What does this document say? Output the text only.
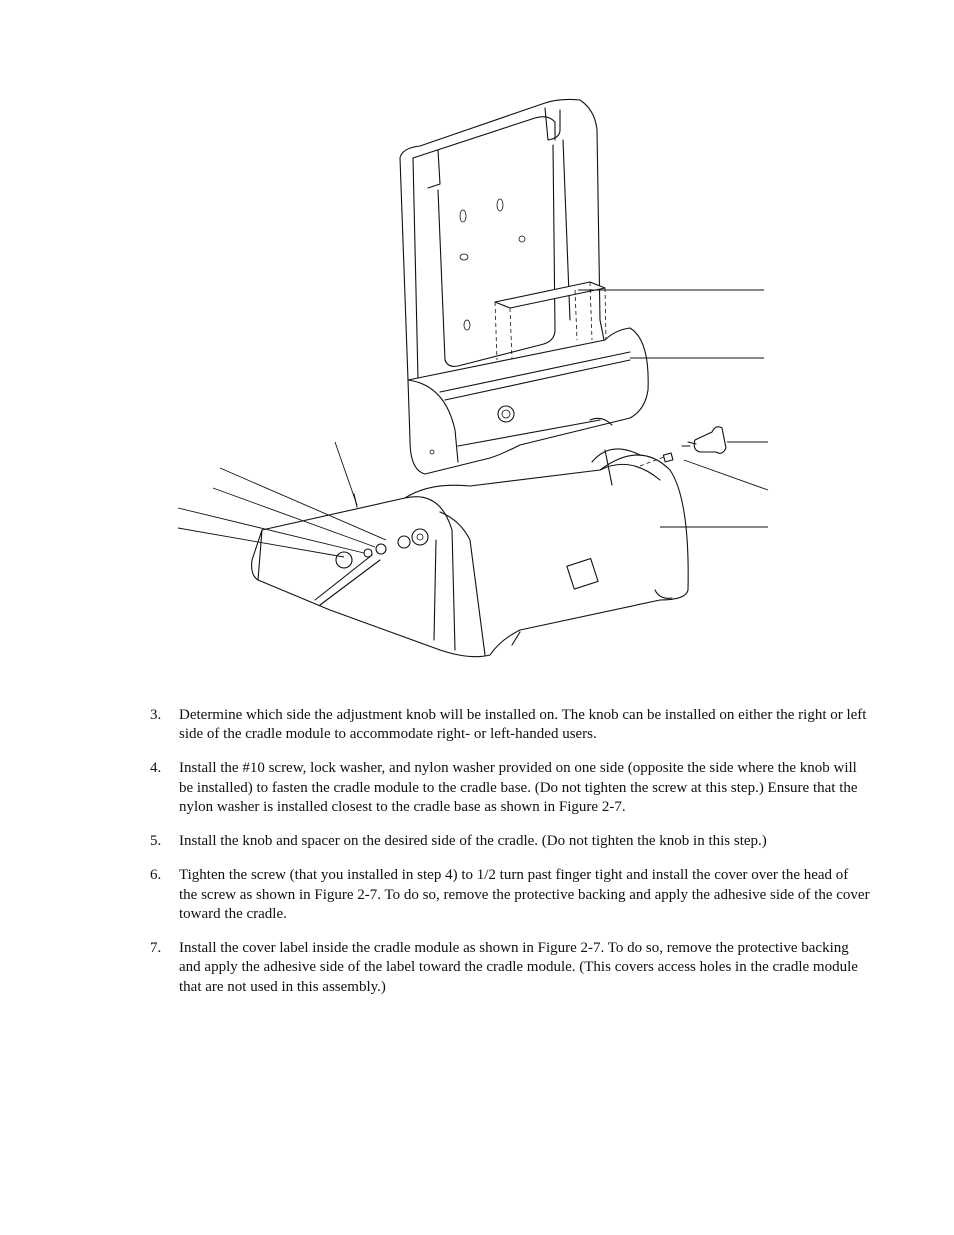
3.	Determine which side the adjustment knob will be installed on. The knob can be installed on either the right or left side of the cradle module to accommodate right- or left-handed users.
4.	Install the #10 screw, lock washer, and nylon washer provided on one side (opposite the side where the knob will be installed) to fasten the cradle module to the cradle base. (Do not tighten the screw at this step.) Ensure that the nylon washer is installed closest to the cradle base as shown in Figure 2-7.
5.	Install the knob and spacer on the desired side of the cradle. (Do not tighten the knob in this step.)
6.	Tighten the screw (that you installed in step 4) to 1/2 turn past finger tight and install the cover over the head of the screw as shown in Figure 2-7. To do so, remove the protective backing and apply the adhesive side of the cover toward the cradle.
7.	Install the cover label inside the cradle module as shown in Figure 2-7. To do so, remove the protective backing and apply the adhesive side of the label toward the cradle module. (This covers access holes in the cradle module that are not used in this assembly.)
